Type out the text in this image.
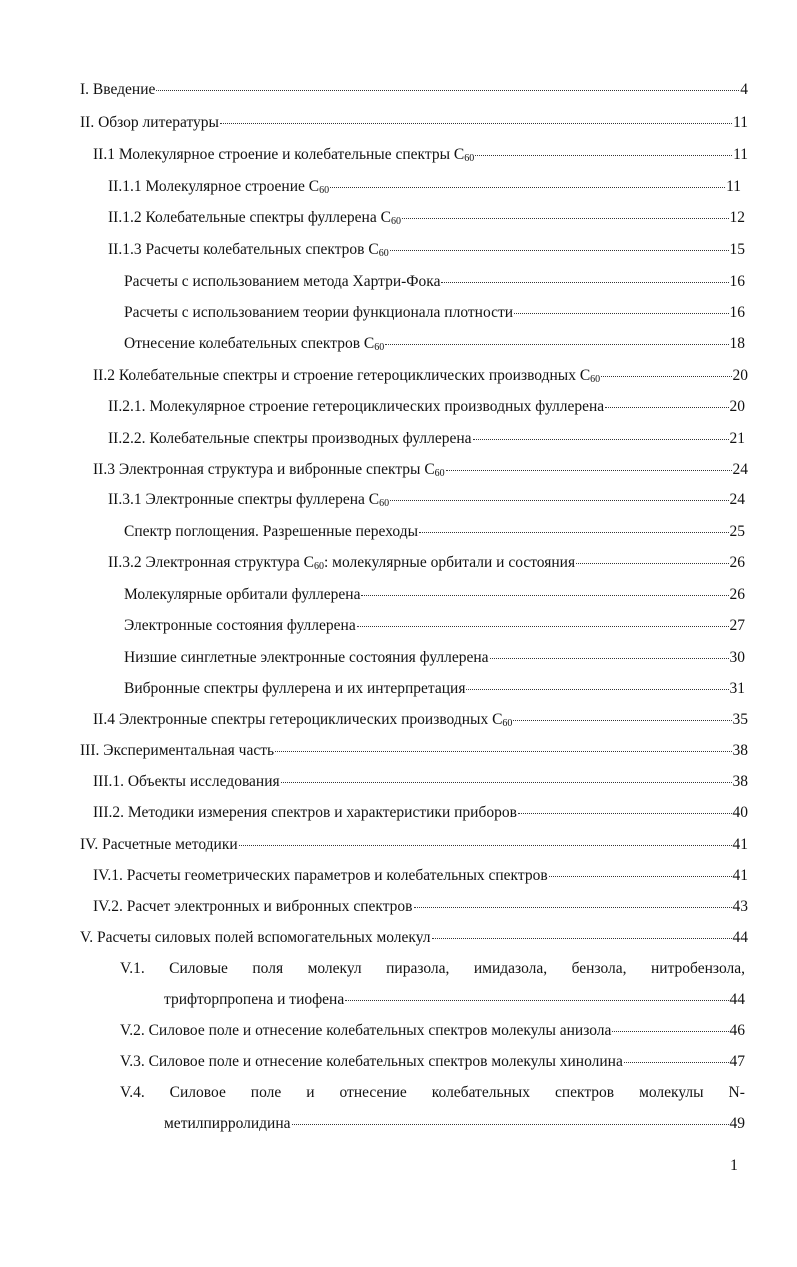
I. Введение	4
II. Обзор литературы	11
II.1 Молекулярное строение и колебательные спектры $C_{60}$	11
II.1.1 Молекулярное строение $C_{60}$	11
II.1.2 Колебательные спектры фуллерена $C_{60}$	12
II.1.3 Расчеты колебательных спектров $C_{60}$	15
Расчеты с использованием метода Хартри-Фока	16
Расчеты с использованием теории функционала плотности	16
Отнесение колебательных спектров $C_{60}$	18
II.2 Колебательные спектры и строение гетероциклических производных $C_{60}$	20
II.2.1. Молекулярное строение гетероциклических производных фуллерена	20
II.2.2. Колебательные спектры производных фуллерена	21
II.3 Электронная структура и вибронные спектры $C_{60}$	24
II.3.1 Электронные спектры фуллерена $C_{60}$	24
Спектр поглощения. Разрешенные переходы	25
II.3.2 Электронная структура $C_{60}$: молекулярные орбитали и состояния	26
Молекулярные орбитали фуллерена	26
Электронные состояния фуллерена	27
Низшие синглетные электронные состояния фуллерена	30
Вибронные спектры фуллерена и их интерпретация	31
II.4 Электронные спектры гетероциклических производных $C_{60}$	35
III. Экспериментальная часть	38
III.1. Объекты исследования	38
III.2. Методики измерения спектров и характеристики приборов	40
IV. Расчетные методики	41
IV.1. Расчеты геометрических параметров и колебательных спектров	41
IV.2. Расчет электронных и вибронных спектров	43
V. Расчеты силовых полей вспомогательных молекул	44
V.1. Силовые поля молекул пиразола, имидазола, бензола, нитробензола,
трифторпропена и тиофена	44
V.2. Силовое поле и отнесение колебательных спектров молекулы анизола	46
V.3. Силовое поле и отнесение колебательных спектров молекулы хинолина	47
V.4. Силовое поле и отнесение колебательных спектров молекулы N-
метилпирролидина	49
1
